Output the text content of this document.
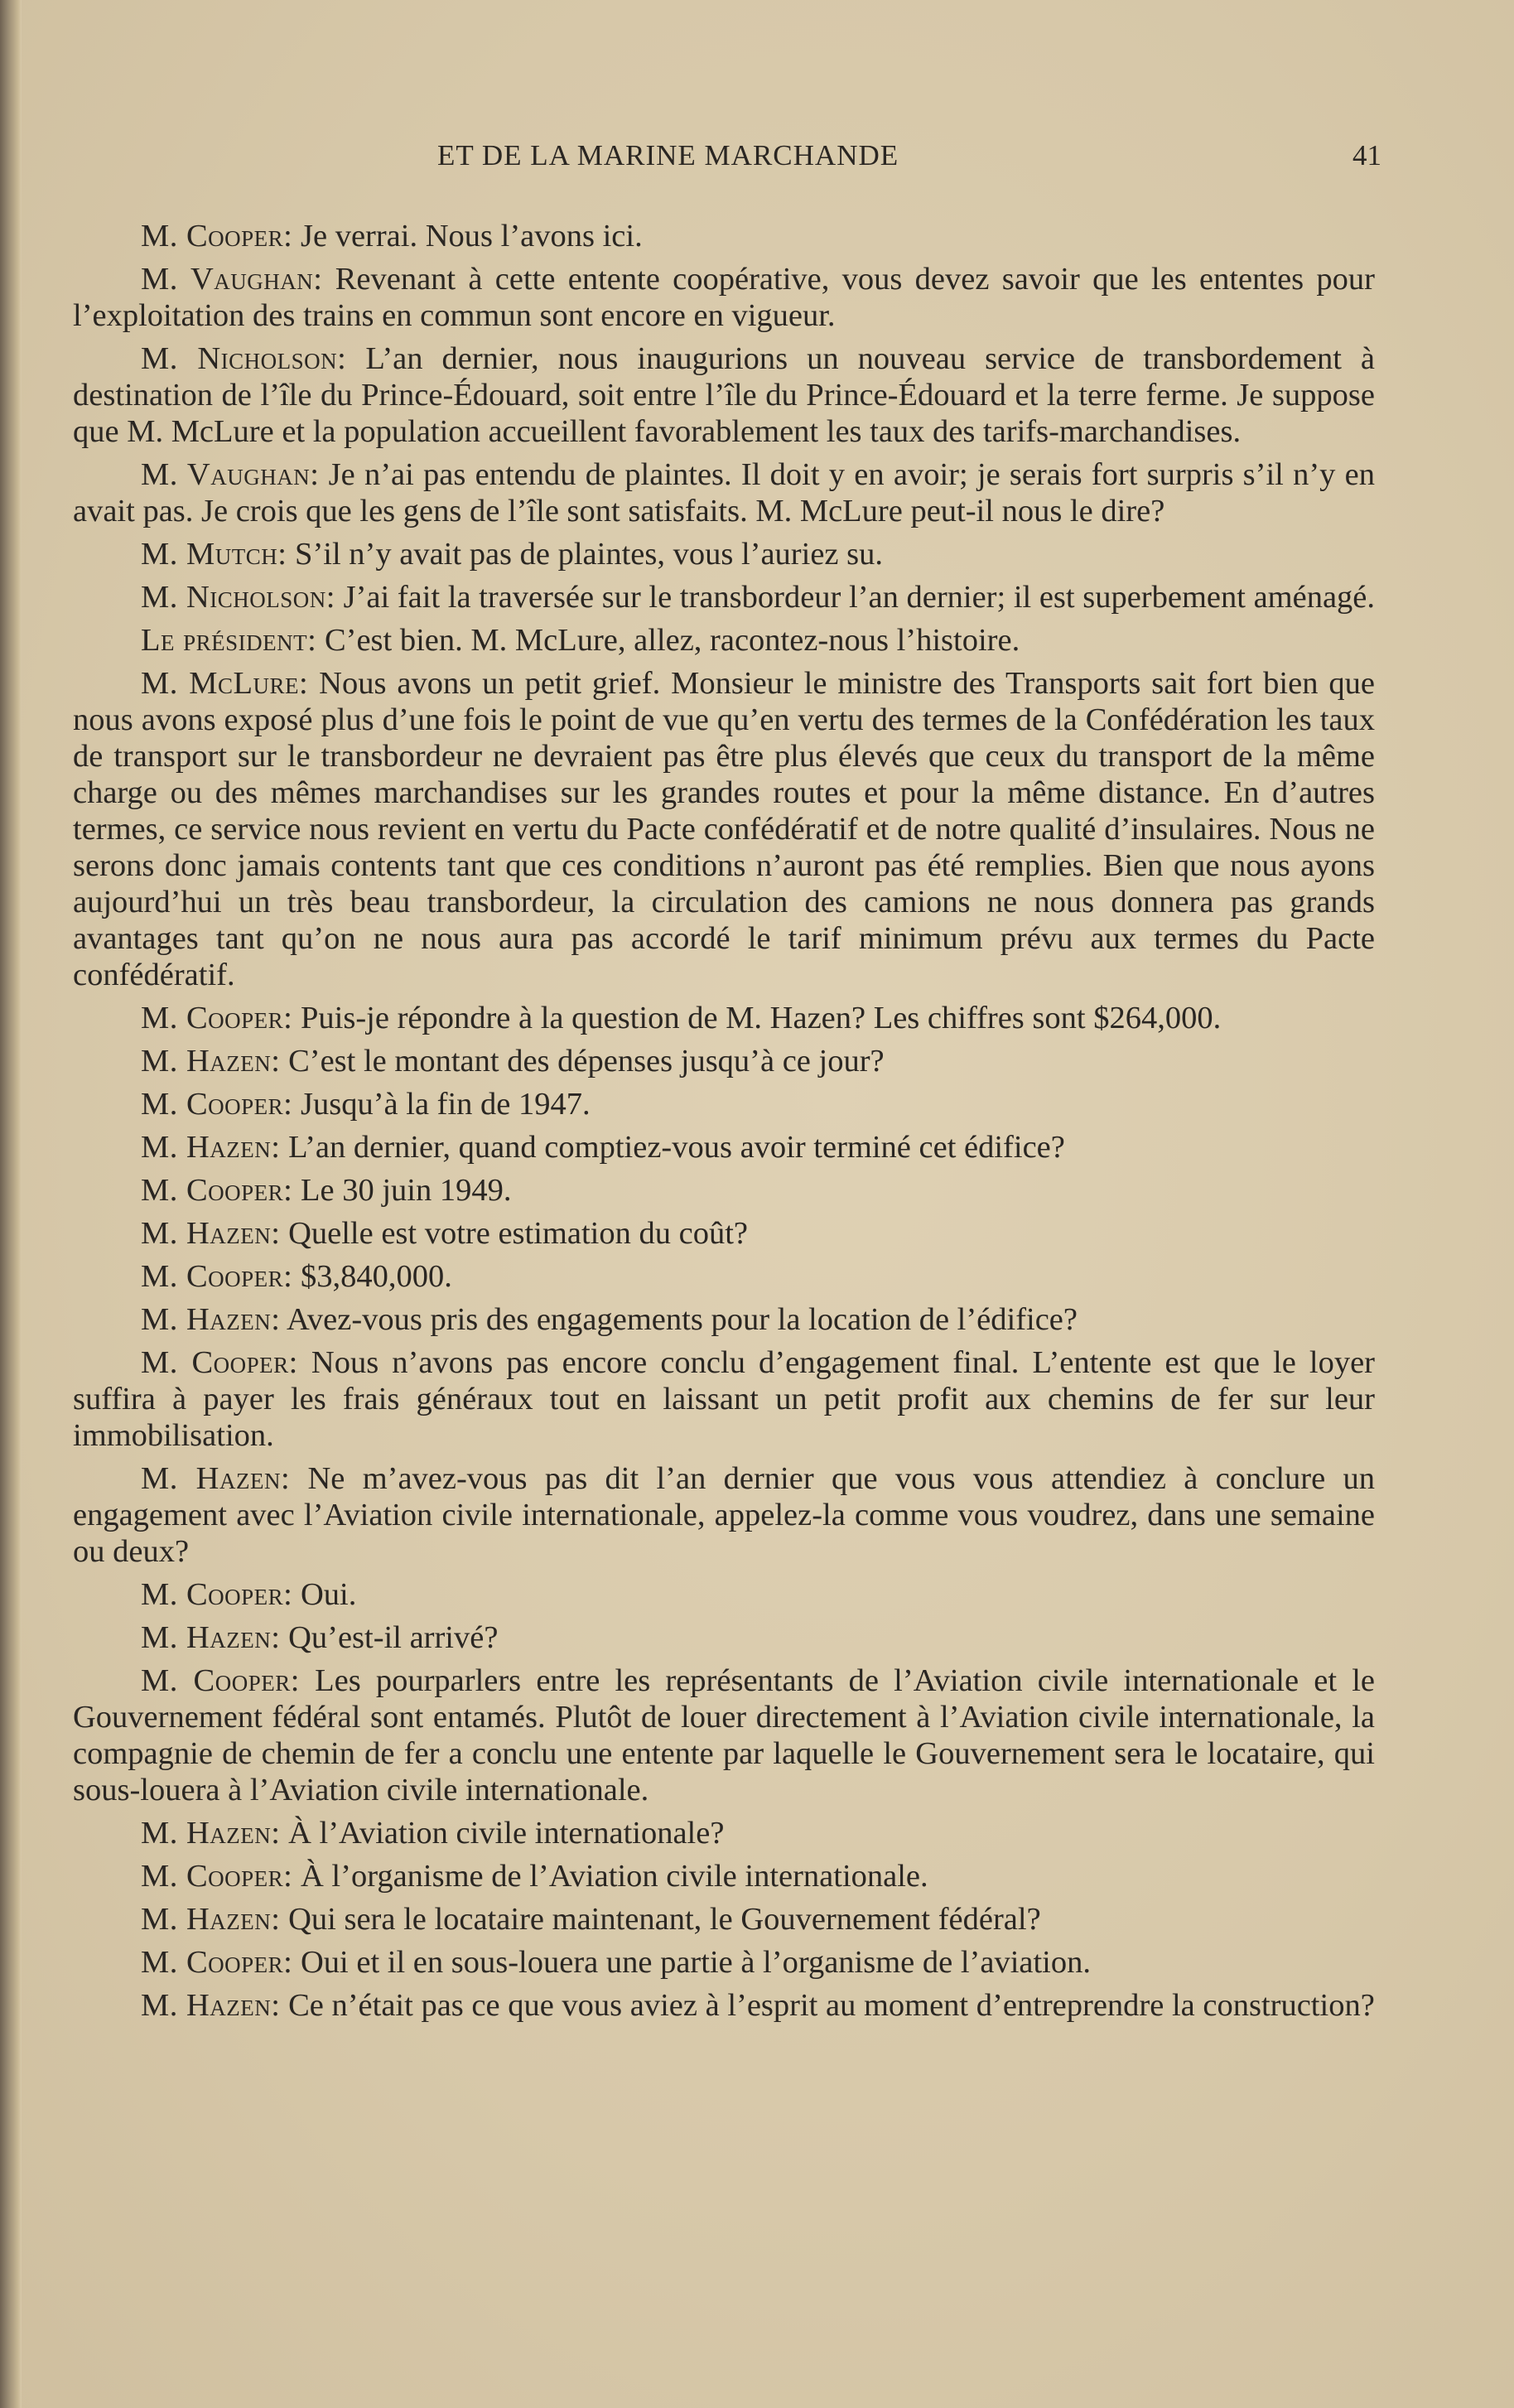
ET DE LA MARINE MARCHANDE	41

M. Cooper: Je verrai. Nous l’avons ici.

M. Vaughan: Revenant à cette entente coopérative, vous devez savoir que les ententes pour l’exploitation des trains en commun sont encore en vigueur.

M. Nicholson: L’an dernier, nous inaugurions un nouveau service de transbordement à destination de l’île du Prince-Édouard, soit entre l’île du Prince-Édouard et la terre ferme. Je suppose que M. McLure et la population accueillent favorablement les taux des tarifs-marchandises.

M. Vaughan: Je n’ai pas entendu de plaintes. Il doit y en avoir; je serais fort surpris s’il n’y en avait pas. Je crois que les gens de l’île sont satisfaits. M. McLure peut-il nous le dire?

M. Mutch: S’il n’y avait pas de plaintes, vous l’auriez su.

M. Nicholson: J’ai fait la traversée sur le transbordeur l’an dernier; il est superbement aménagé.

Le président: C’est bien. M. McLure, allez, racontez-nous l’histoire.

M. McLure: Nous avons un petit grief. Monsieur le ministre des Transports sait fort bien que nous avons exposé plus d’une fois le point de vue qu’en vertu des termes de la Confédération les taux de transport sur le transbordeur ne devraient pas être plus élevés que ceux du transport de la même charge ou des mêmes marchandises sur les grandes routes et pour la même distance. En d’autres termes, ce service nous revient en vertu du Pacte confédératif et de notre qualité d’insulaires. Nous ne serons donc jamais contents tant que ces conditions n’auront pas été remplies. Bien que nous ayons aujourd’hui un très beau transbordeur, la circulation des camions ne nous donnera pas grands avantages tant qu’on ne nous aura pas accordé le tarif minimum prévu aux termes du Pacte confédératif.

M. Cooper: Puis-je répondre à la question de M. Hazen? Les chiffres sont $264,000.

M. Hazen: C’est le montant des dépenses jusqu’à ce jour?

M. Cooper: Jusqu’à la fin de 1947.

M. Hazen: L’an dernier, quand comptiez-vous avoir terminé cet édifice?

M. Cooper: Le 30 juin 1949.

M. Hazen: Quelle est votre estimation du coût?

M. Cooper: $3,840,000.

M. Hazen: Avez-vous pris des engagements pour la location de l’édifice?

M. Cooper: Nous n’avons pas encore conclu d’engagement final. L’entente est que le loyer suffira à payer les frais généraux tout en laissant un petit profit aux chemins de fer sur leur immobilisation.

M. Hazen: Ne m’avez-vous pas dit l’an dernier que vous vous attendiez à conclure un engagement avec l’Aviation civile internationale, appelez-la comme vous voudrez, dans une semaine ou deux?

M. Cooper: Oui.

M. Hazen: Qu’est-il arrivé?

M. Cooper: Les pourparlers entre les représentants de l’Aviation civile internationale et le Gouvernement fédéral sont entamés. Plutôt de louer directement à l’Aviation civile internationale, la compagnie de chemin de fer a conclu une entente par laquelle le Gouvernement sera le locataire, qui sous-louera à l’Aviation civile internationale.

M. Hazen: À l’Aviation civile internationale?

M. Cooper: À l’organisme de l’Aviation civile internationale.

M. Hazen: Qui sera le locataire maintenant, le Gouvernement fédéral?

M. Cooper: Oui et il en sous-louera une partie à l’organisme de l’aviation.

M. Hazen: Ce n’était pas ce que vous aviez à l’esprit au moment d’entreprendre la construction?
